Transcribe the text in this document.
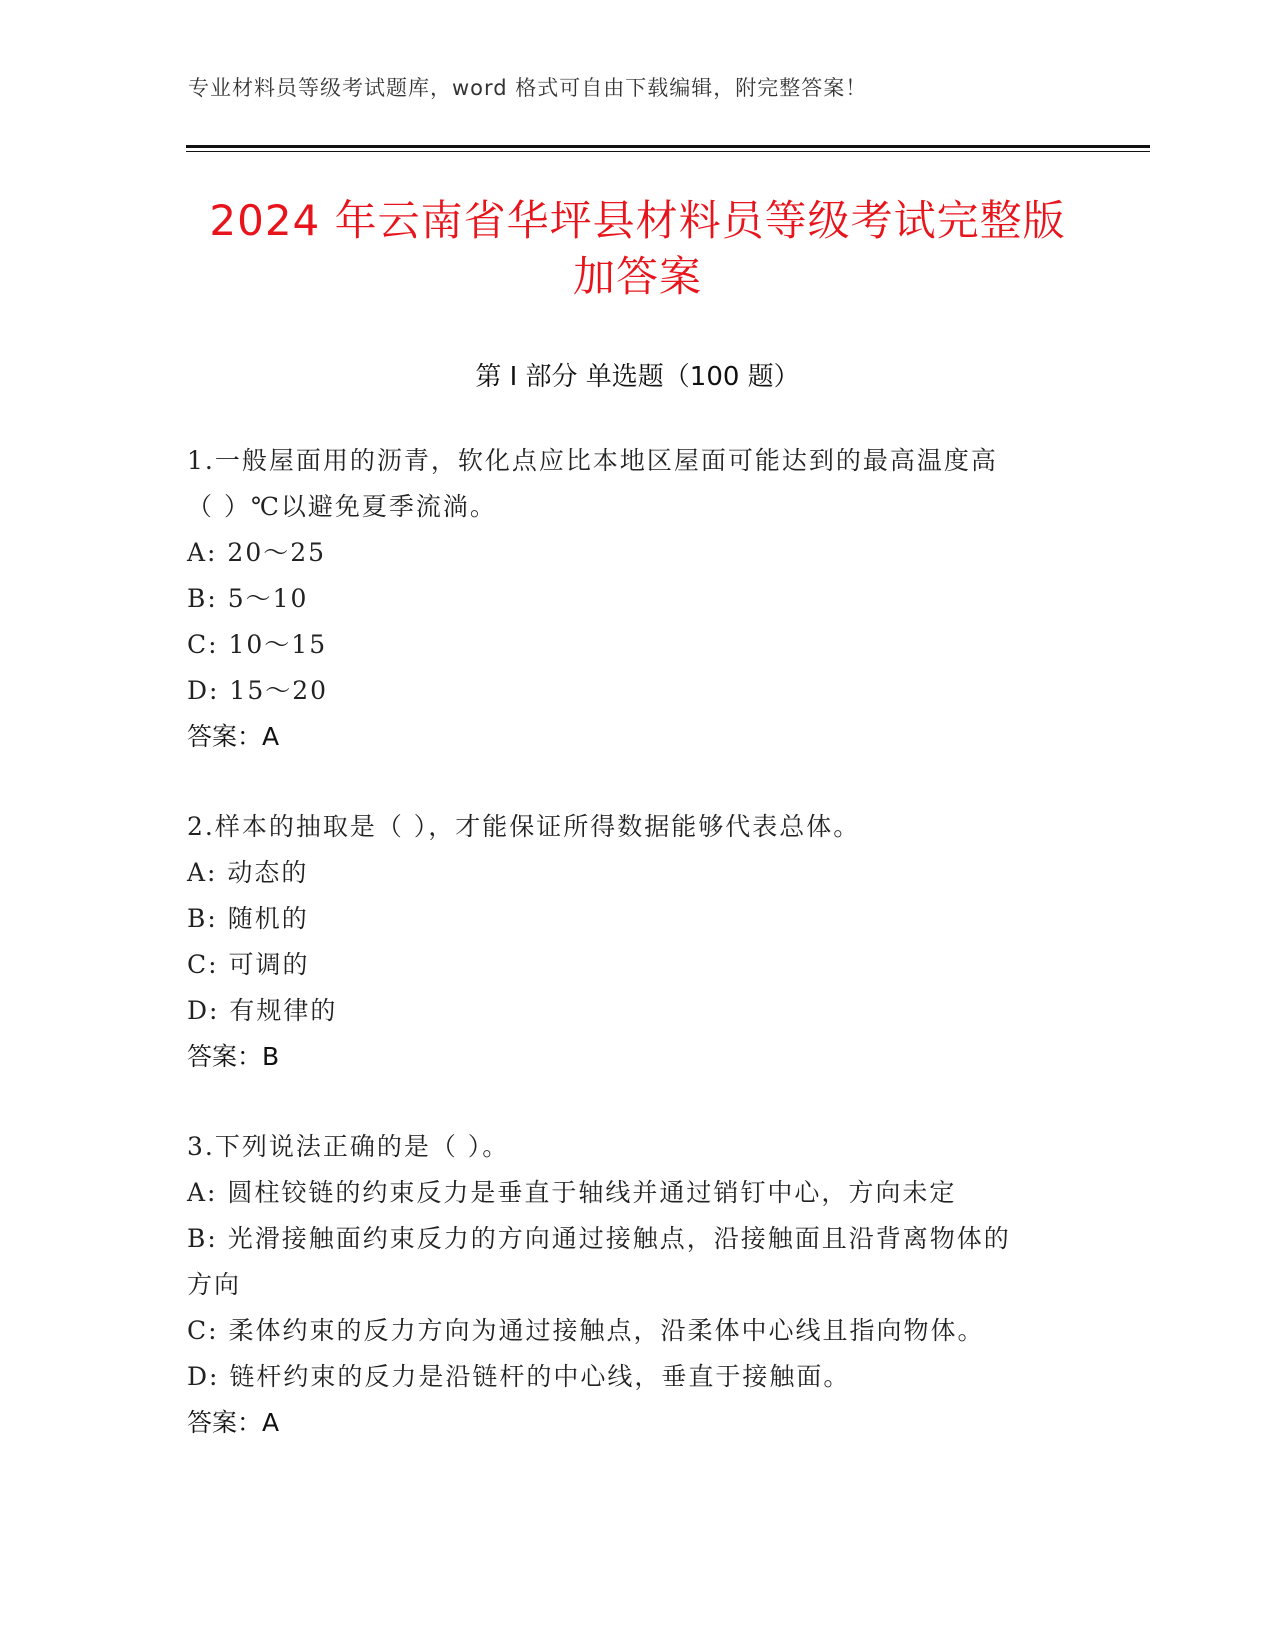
专业材料员等级考试题库，word 格式可自由下载编辑，附完整答案！
2024 年云南省华坪县材料员等级考试完整版
加答案
第 I 部分 单选题（100 题）
1.一般屋面用的沥青，软化点应比本地区屋面可能达到的最高温度高
（ ）℃以避免夏季流淌。
A: 20～25
B: 5～10
C: 10～15
D: 15～20
答案：A
2.样本的抽取是（ ），才能保证所得数据能够代表总体。
A: 动态的
B: 随机的
C: 可调的
D: 有规律的
答案：B
3.下列说法正确的是（ ）。
A: 圆柱铰链的约束反力是垂直于轴线并通过销钉中心，方向未定
B: 光滑接触面约束反力的方向通过接触点，沿接触面且沿背离物体的
方向
C: 柔体约束的反力方向为通过接触点，沿柔体中心线且指向物体。
D: 链杆约束的反力是沿链杆的中心线，垂直于接触面。
答案：A
